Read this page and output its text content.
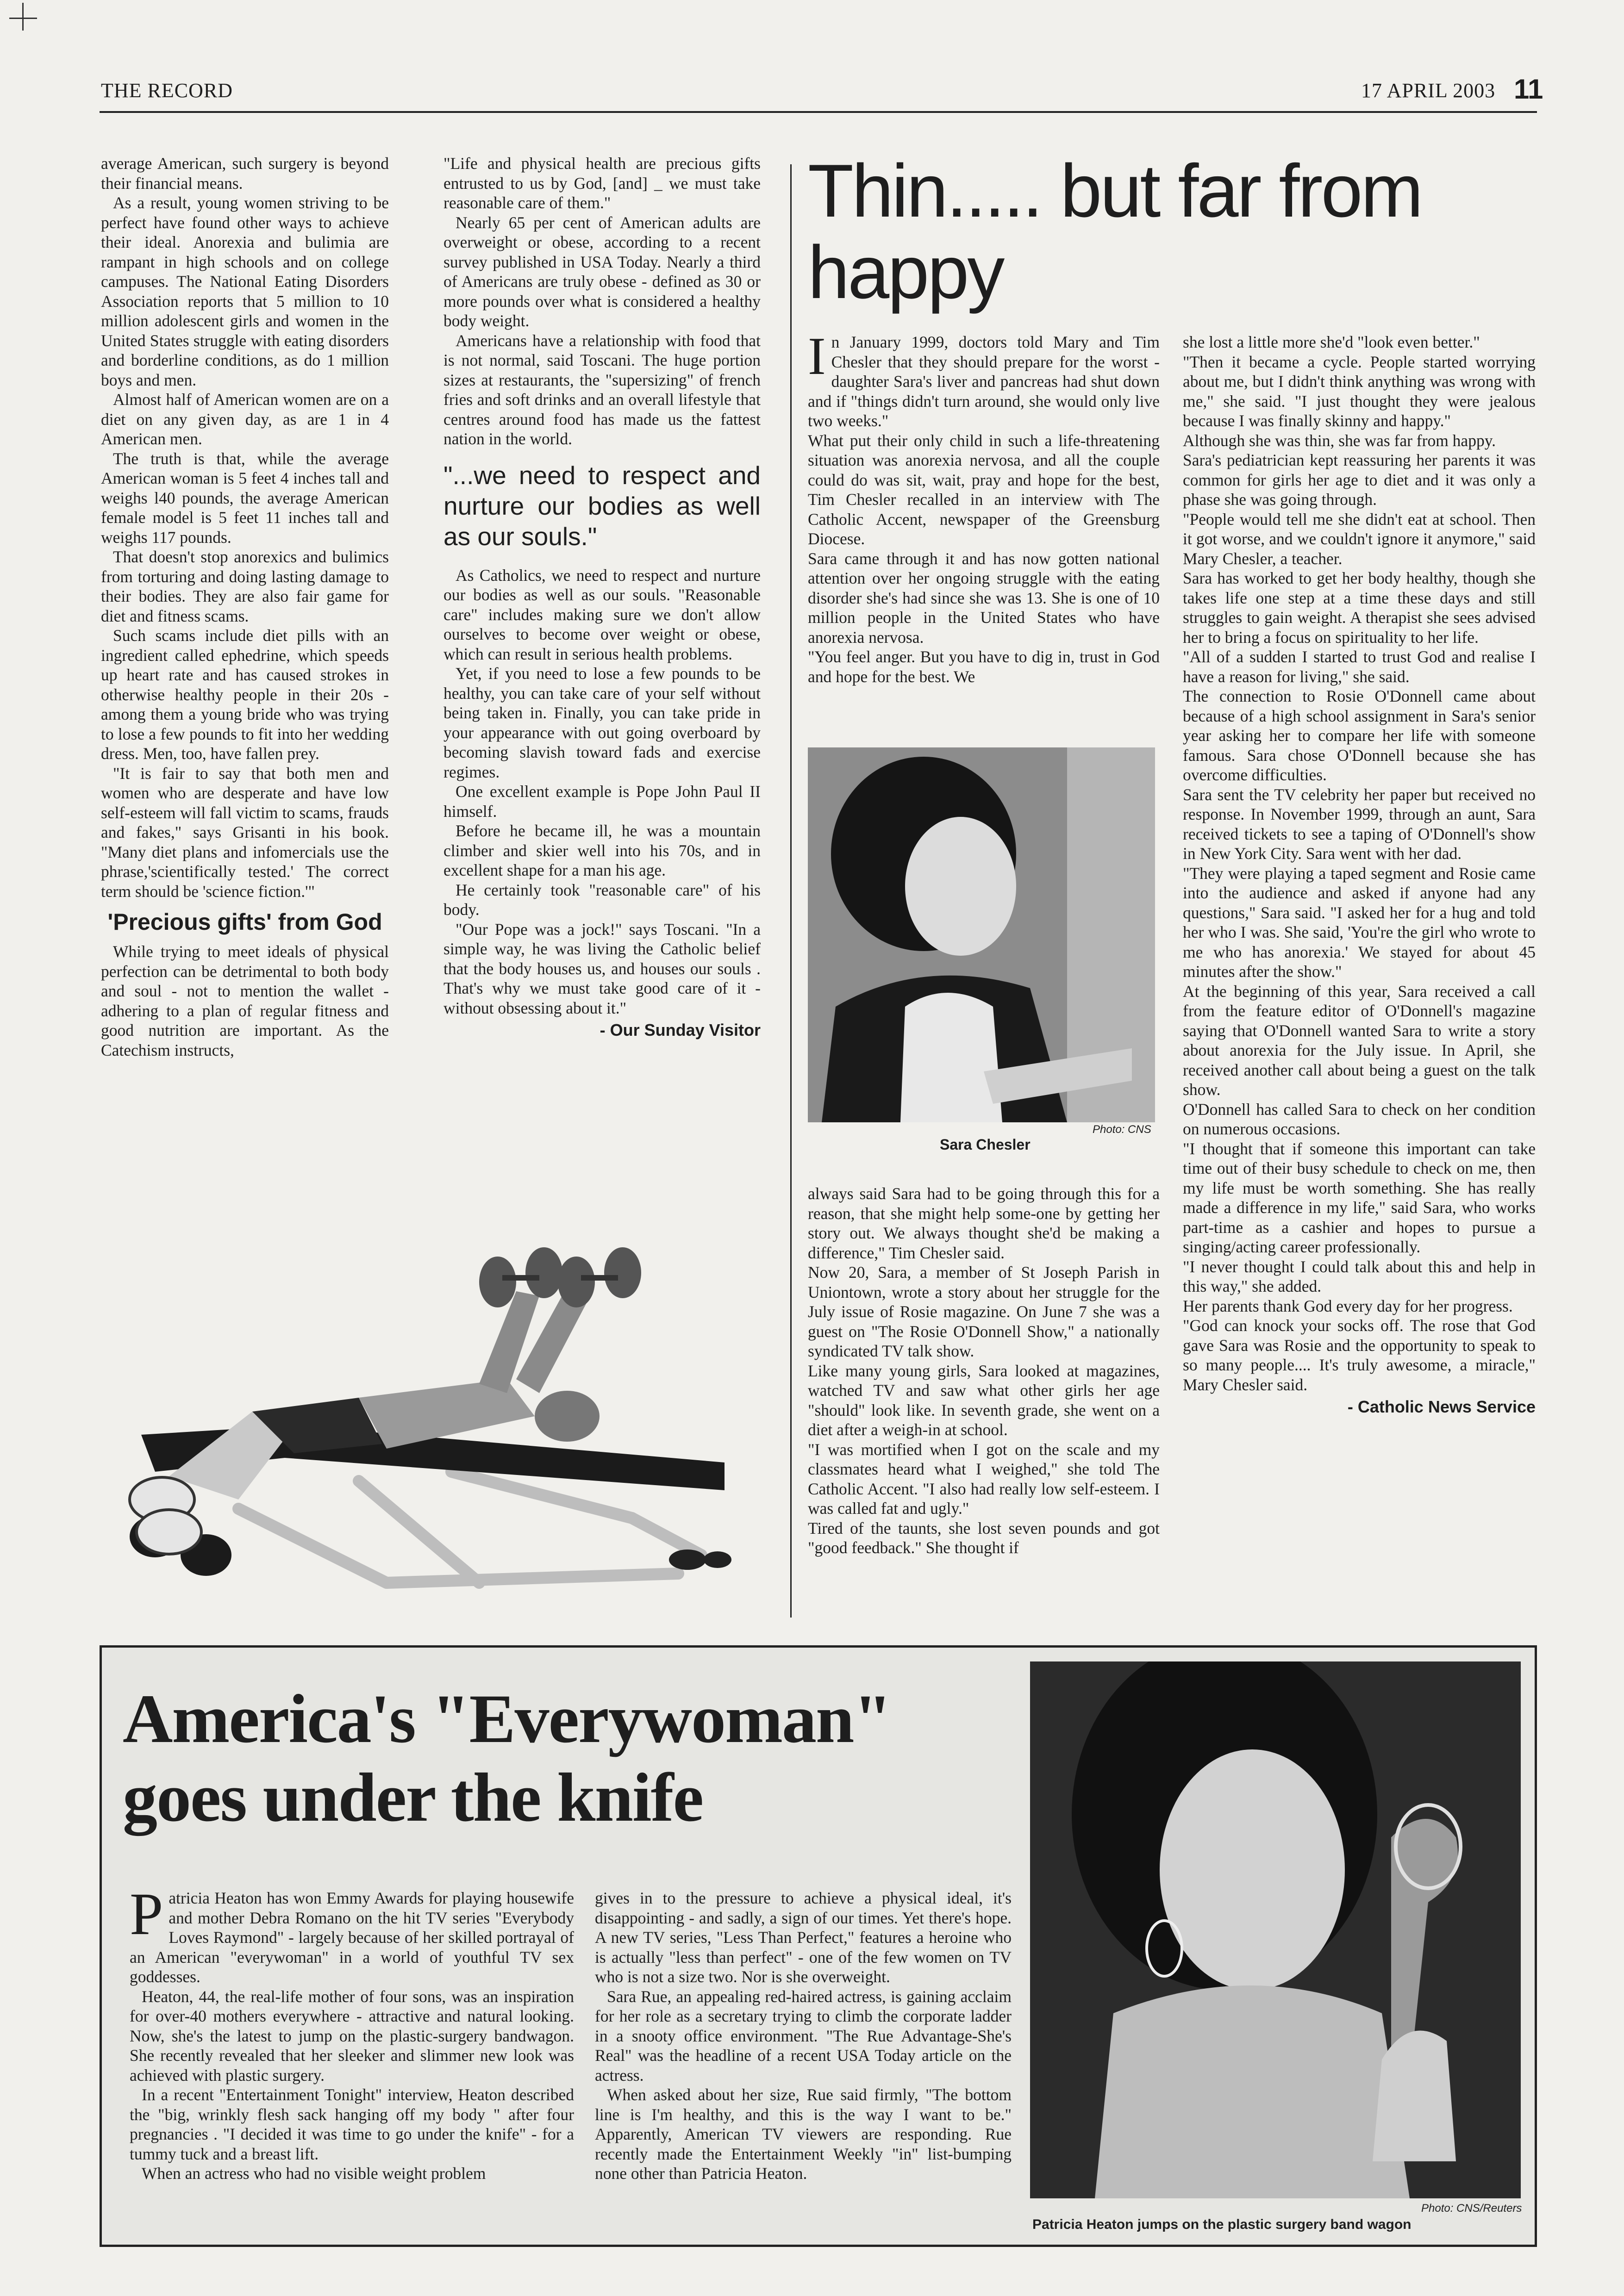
THE RECORD	17 APRIL 2003 11

average American, such surgery is beyond their financial means.

As a result, young women striving to be perfect have found other ways to achieve their ideal. Anorexia and bulimia are rampant in high schools and on college campuses. The National Eating Disorders Association reports that 5 million to 10 million adolescent girls and women in the United States struggle with eating disorders and borderline conditions, as do 1 million boys and men.

Almost half of American women are on a diet on any given day, as are 1 in 4 American men.

The truth is that, while the average American woman is 5 feet 4 inches tall and weighs l40 pounds, the average American female model is 5 feet 11 inches tall and weighs 117 pounds.

That doesn't stop anorexics and bulimics from torturing and doing lasting damage to their bodies. They are also fair game for diet and fitness scams.

Such scams include diet pills with an ingredient called ephedrine, which speeds up heart rate and has caused strokes in otherwise healthy people in their 20s - among them a young bride who was trying to lose a few pounds to fit into her wedding dress. Men, too, have fallen prey.

"It is fair to say that both men and women who are desperate and have low self-esteem will fall victim to scams, frauds and fakes," says Grisanti in his book. "Many diet plans and infomercials use the phrase,'scientifically tested.' The correct term should be 'science fiction.'"

'Precious gifts' from God

While trying to meet ideals of physical perfection can be detrimental to both body and soul - not to mention the wallet - adhering to a plan of regular fitness and good nutrition are important. As the Catechism instructs,

"Life and physical health are precious gifts entrusted to us by God, [and] _ we must take reasonable care of them."

Nearly 65 per cent of American adults are overweight or obese, according to a recent survey published in USA Today. Nearly a third of Americans are truly obese - defined as 30 or more pounds over what is considered a healthy body weight.

Americans have a relationship with food that is not normal, said Toscani. The huge portion sizes at restaurants, the "supersizing" of french fries and soft drinks and an overall lifestyle that centres around food has made us the fattest nation in the world.

"...we need to respect and nurture our bodies as well as our souls."

As Catholics, we need to respect and nurture our bodies as well as our souls. "Reasonable care" includes making sure we don't allow ourselves to become over weight or obese, which can result in serious health problems.

Yet, if you need to lose a few pounds to be healthy, you can take care of your self without being taken in. Finally, you can take pride in your appearance with out going overboard by becoming slavish toward fads and exercise regimes.

One excellent example is Pope John Paul II himself.

Before he became ill, he was a mountain climber and skier well into his 70s, and in excellent shape for a man his age.

He certainly took "reasonable care" of his body.

"Our Pope was a jock!" says Toscani. "In a simple way, he was living the Catholic belief that the body houses us, and houses our souls . That's why we must take good care of it - without obsessing about it."

- Our Sunday Visitor
Thin..... but far from happy
I n January 1999, doctors told Mary and Tim Chesler that they should prepare for the worst - daughter Sara's liver and pancreas had shut down and if "things didn't turn around, she would only live two weeks."

What put their only child in such a life-threatening situation was anorexia nervosa, and all the couple could do was sit, wait, pray and hope for the best, Tim Chesler recalled in an interview with The Catholic Accent, newspaper of the Greensburg Diocese.

Sara came through it and has now gotten national attention over her ongoing struggle with the eating disorder she's had since she was 13. She is one of 10 million people in the United States who have anorexia nervosa.

"You feel anger. But you have to dig in, trust in God and hope for the best. We

Photo: CNS
Sara Chesler

always said Sara had to be going through this for a reason, that she might help some-one by getting her story out. We always thought she'd be making a difference," Tim Chesler said.

Now 20, Sara, a member of St Joseph Parish in Uniontown, wrote a story about her struggle for the July issue of Rosie magazine. On June 7 she was a guest on "The Rosie O'Donnell Show," a nationally syndicated TV talk show.

Like many young girls, Sara looked at magazines, watched TV and saw what other girls her age "should" look like. In seventh grade, she went on a diet after a weigh-in at school.

"I was mortified when I got on the scale and my classmates heard what I weighed," she told The Catholic Accent. "I also had really low self-esteem. I was called fat and ugly."

Tired of the taunts, she lost seven pounds and got "good feedback." She thought if

she lost a little more she'd "look even better."

"Then it became a cycle. People started worrying about me, but I didn't think anything was wrong with me," she said. "I just thought they were jealous because I was finally skinny and happy."

Although she was thin, she was far from happy.

Sara's pediatrician kept reassuring her parents it was common for girls her age to diet and it was only a phase she was going through.

"People would tell me she didn't eat at school. Then it got worse, and we couldn't ignore it anymore," said Mary Chesler, a teacher.

Sara has worked to get her body healthy, though she takes life one step at a time these days and still struggles to gain weight. A therapist she sees advised her to bring a focus on spirituality to her life.

"All of a sudden I started to trust God and realise I have a reason for living," she said.

The connection to Rosie O'Donnell came about because of a high school assignment in Sara's senior year asking her to compare her life with someone famous. Sara chose O'Donnell because she has overcome difficulties.

Sara sent the TV celebrity her paper but received no response. In November 1999, through an aunt, Sara received tickets to see a taping of O'Donnell's show in New York City. Sara went with her dad.

"They were playing a taped segment and Rosie came into the audience and asked if anyone had any questions," Sara said. "I asked her for a hug and told her who I was. She said, 'You're the girl who wrote to me who has anorexia.' We stayed for about 45 minutes after the show."

At the beginning of this year, Sara received a call from the feature editor of O'Donnell's magazine saying that O'Donnell wanted Sara to write a story about anorexia for the July issue. In April, she received another call about being a guest on the talk show.

O'Donnell has called Sara to check on her condition on numerous occasions.

"I thought that if someone this important can take time out of their busy schedule to check on me, then my life must be worth something. She has really made a difference in my life," said Sara, who works part-time as a cashier and hopes to pursue a singing/acting career professionally.

"I never thought I could talk about this and help in this way," she added.

Her parents thank God every day for her progress.

"God can knock your socks off. The rose that God gave Sara was Rosie and the opportunity to speak to so many people.... It's truly awesome, a miracle," Mary Chesler said.

- Catholic News Service
America's "Everywoman"
goes under the knife
P atricia Heaton has won Emmy Awards for playing housewife and mother Debra Romano on the hit TV series "Everybody Loves Raymond" - largely because of her skilled portrayal of an American "everywoman" in a world of youthful TV sex goddesses.

Heaton, 44, the real-life mother of four sons, was an inspiration for over-40 mothers everywhere - attractive and natural looking. Now, she's the latest to jump on the plastic-surgery bandwagon. She recently revealed that her sleeker and slimmer new look was achieved with plastic surgery.

In a recent "Entertainment Tonight" interview, Heaton described the "big, wrinkly flesh sack hanging off my body " after four pregnancies . "I decided it was time to go under the knife" - for a tummy tuck and a breast lift.

When an actress who had no visible weight problem

gives in to the pressure to achieve a physical ideal, it's disappointing - and sadly, a sign of our times. Yet there's hope. A new TV series, "Less Than Perfect," features a heroine who is actually "less than perfect" - one of the few women on TV who is not a size two. Nor is she overweight.

Sara Rue, an appealing red-haired actress, is gaining acclaim for her role as a secretary trying to climb the corporate ladder in a snooty office environment. "The Rue Advantage-She's Real" was the headline of a recent USA Today article on the actress.

When asked about her size, Rue said firmly, "The bottom line is I'm healthy, and this is the way I want to be." Apparently, American TV viewers are responding. Rue recently made the Entertainment Weekly "in" list-bumping none other than Patricia Heaton.

Photo: CNS/Reuters
Patricia Heaton jumps on the plastic surgery band wagon
